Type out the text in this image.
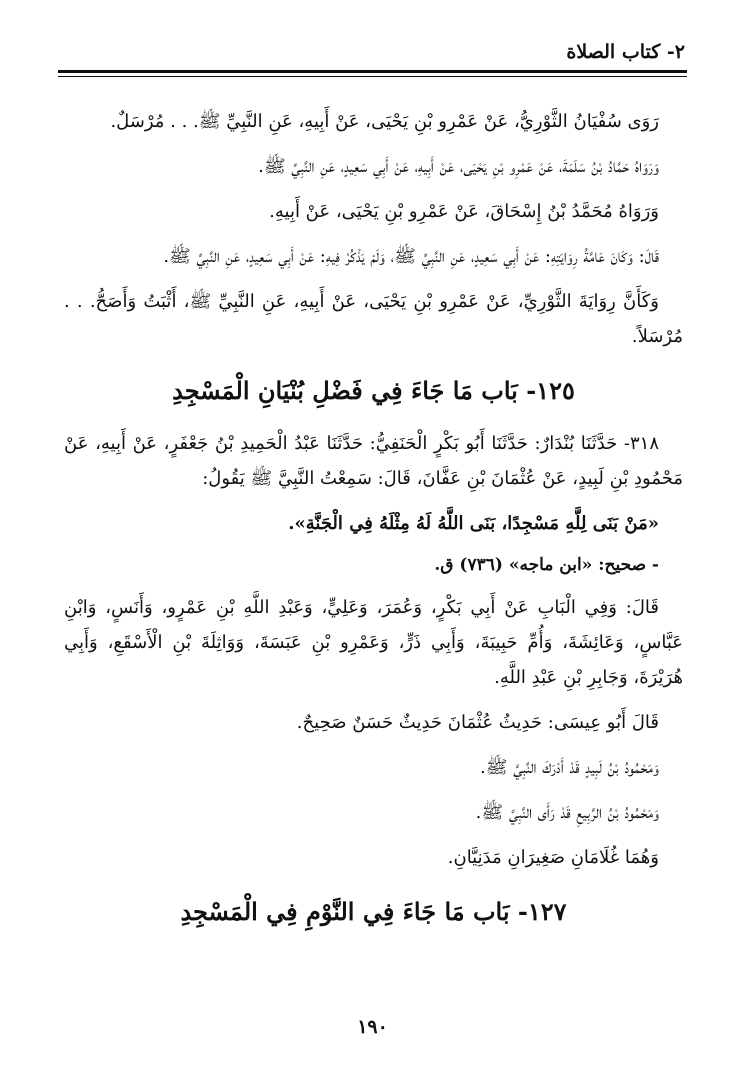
٢- كتاب الصلاة

رَوَى سُفْيَانُ الثَّوْرِيُّ، عَنْ عَمْرِو بْنِ يَحْيَى، عَنْ أَبِيهِ، عَنِ النَّبِيِّ ﷺ. . . مُرْسَلٌ.

وَرَوَاهُ حَمَّادُ بْنُ سَلَمَةَ، عَنْ عَمْرِو بْنِ يَحْيَى، عَنْ أَبِيهِ، عَنْ أَبِي سَعِيدٍ، عَنِ النَّبِيِّ ﷺ.

وَرَوَاهُ مُحَمَّدُ بْنُ إِسْحَاقَ، عَنْ عَمْرِو بْنِ يَحْيَى، عَنْ أَبِيهِ.

قَالَ: وَكَانَ عَامَّةُ رِوَايَتِهِ: عَنْ أَبِي سَعِيدٍ، عَنِ النَّبِيِّ ﷺ، وَلَمْ يَذْكُرْ فِيهِ: عَنْ أَبِي سَعِيدٍ، عَنِ النَّبِيِّ ﷺ.

وَكَأَنَّ رِوَايَةَ الثَّوْرِيِّ، عَنْ عَمْرِو بْنِ يَحْيَى، عَنْ أَبِيهِ، عَنِ النَّبِيِّ ﷺ، أَثْبَتُ وَأَصَحُّ. . . مُرْسَلاً.

١٢٥- بَاب مَا جَاءَ فِي فَضْلِ بُنْيَانِ الْمَسْجِدِ

٣١٨- حَدَّثَنَا بُنْدَارٌ: حَدَّثَنَا أَبُو بَكْرٍ الْحَنَفِيُّ: حَدَّثَنَا عَبْدُ الْحَمِيدِ بْنُ جَعْفَرٍ، عَنْ أَبِيهِ، عَنْ مَحْمُودِ بْنِ لَبِيدٍ، عَنْ عُثْمَانَ بْنِ عَفَّانَ، قَالَ: سَمِعْتُ النَّبِيَّ ﷺ يَقُولُ:

«مَنْ بَنَى لِلَّهِ مَسْجِدًا، بَنَى اللَّهُ لَهُ مِثْلَهُ فِي الْجَنَّةِ».

- صحيح: «ابن ماجه» (٧٣٦) ق.

قَالَ: وَفِي الْبَابِ عَنْ أَبِي بَكْرٍ، وَعُمَرَ، وَعَلِيٍّ، وَعَبْدِ اللَّهِ بْنِ عَمْرٍو، وَأَنَسٍ، وَابْنِ عَبَّاسٍ، وَعَائِشَةَ، وَأُمِّ حَبِيبَةَ، وَأَبِي ذَرٍّ، وَعَمْرِو بْنِ عَبَسَةَ، وَوَاثِلَةَ بْنِ الْأَسْقَعِ، وَأَبِي هُرَيْرَةَ، وَجَابِرِ بْنِ عَبْدِ اللَّهِ.

قَالَ أَبُو عِيسَى: حَدِيثُ عُثْمَانَ حَدِيثٌ حَسَنٌ صَحِيحٌ.

وَمَحْمُودُ بْنُ لَبِيدٍ قَدْ أَدْرَكَ النَّبِيَّ ﷺ.

وَمَحْمُودُ بْنُ الرَّبِيعِ قَدْ رَأَى النَّبِيَّ ﷺ.

وَهُمَا غُلَامَانِ صَغِيرَانِ مَدَنِيَّانِ.

١٢٧- بَاب مَا جَاءَ فِي النَّوْمِ فِي الْمَسْجِدِ
١٩٠
